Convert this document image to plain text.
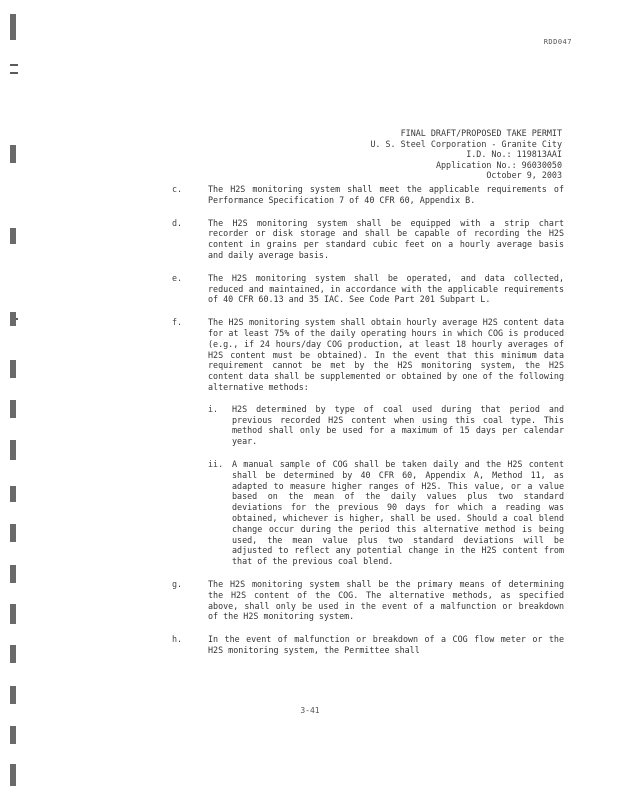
RDD047
FINAL DRAFT/PROPOSED TAKE PERMIT
U. S. Steel Corporation - Granite City
I.D. No.: 119813AAI
Application No.: 96030050
October 9, 2003
c.	The H2S monitoring system shall meet the applicable requirements of Performance Specification 7 of 40 CFR 60, Appendix B.
d.	The H2S monitoring system shall be equipped with a strip chart recorder or disk storage and shall be capable of recording the H2S content in grains per standard cubic feet on a hourly average basis and daily average basis.
e.	The H2S monitoring system shall be operated, and data collected, reduced and maintained, in accordance with the applicable requirements of 40 CFR 60.13 and 35 IAC. See Code Part 201 Subpart L.
f.	The H2S monitoring system shall obtain hourly average H2S content data for at least 75% of the daily operating hours in which COG is produced (e.g., if 24 hours/day COG production, at least 18 hourly averages of H2S content must be obtained). In the event that this minimum data requirement cannot be met by the H2S monitoring system, the H2S content data shall be supplemented or obtained by one of the following alternative methods:
i. H2S determined by type of coal used during that period and previous recorded H2S content when using this coal type. This method shall only be used for a maximum of 15 days per calendar year.
ii. A manual sample of COG shall be taken daily and the H2S content shall be determined by 40 CFR 60, Appendix A, Method 11, as adapted to measure higher ranges of H2S. This value, or a value based on the mean of the daily values plus two standard deviations for the previous 90 days for which a reading was obtained, whichever is higher, shall be used. Should a coal blend change occur during the period this alternative method is being used, the mean value plus two standard deviations will be adjusted to reflect any potential change in the H2S content from that of the previous coal blend.
g.	The H2S monitoring system shall be the primary means of determining the H2S content of the COG. The alternative methods, as specified above, shall only be used in the event of a malfunction or breakdown of the H2S monitoring system.
h.	In the event of malfunction or breakdown of a COG flow meter or the H2S monitoring system, the Permittee shall
3-41
